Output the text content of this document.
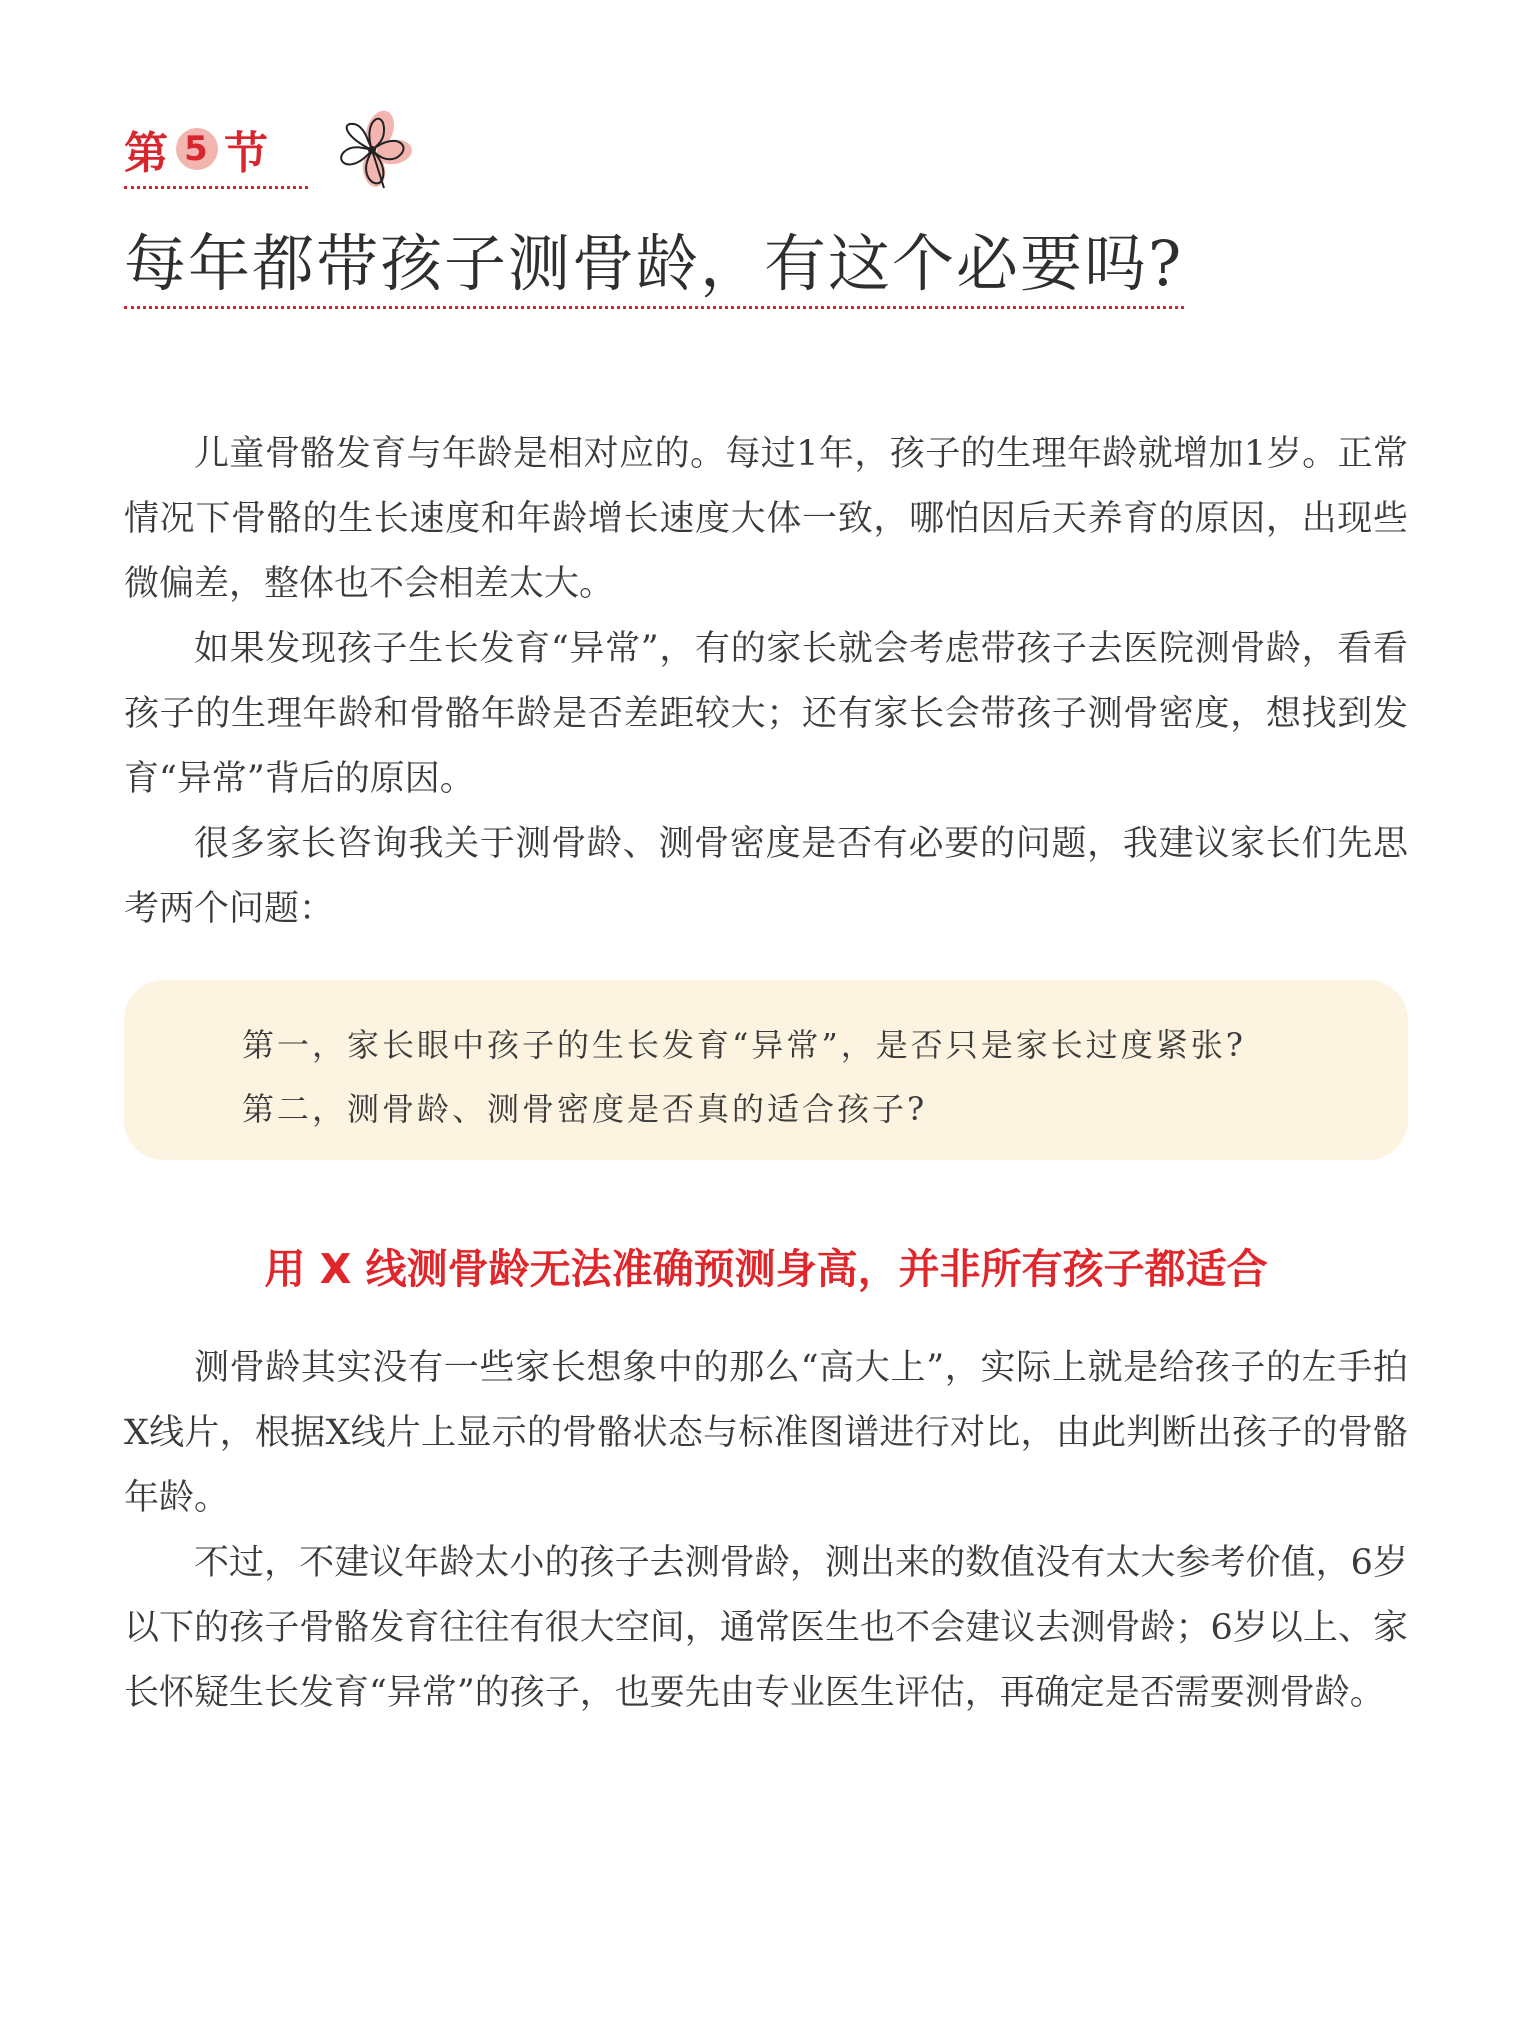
第 5 节
每年都带孩子测骨龄，有这个必要吗?

儿童骨骼发育与年龄是相对应的。每过1年，孩子的生理年龄就增加1岁。正常情况下骨骼的生长速度和年龄增长速度大体一致，哪怕因后天养育的原因，出现些微偏差，整体也不会相差太大。

如果发现孩子生长发育“异常”，有的家长就会考虑带孩子去医院测骨龄，看看孩子的生理年龄和骨骼年龄是否差距较大；还有家长会带孩子测骨密度，想找到发育“异常”背后的原因。

很多家长咨询我关于测骨龄、测骨密度是否有必要的问题，我建议家长们先思考两个问题：

第一，家长眼中孩子的生长发育“异常”，是否只是家长过度紧张?
第二，测骨龄、测骨密度是否真的适合孩子?
用 X 线测骨龄无法准确预测身高，并非所有孩子都适合

测骨龄其实没有一些家长想象中的那么“高大上”，实际上就是给孩子的左手拍X线片，根据X线片上显示的骨骼状态与标准图谱进行对比，由此判断出孩子的骨骼年龄。

不过，不建议年龄太小的孩子去测骨龄，测出来的数值没有太大参考价值，6岁以下的孩子骨骼发育往往有很大空间，通常医生也不会建议去测骨龄；6岁以上、家长怀疑生长发育“异常”的孩子，也要先由专业医生评估，再确定是否需要测骨龄。
